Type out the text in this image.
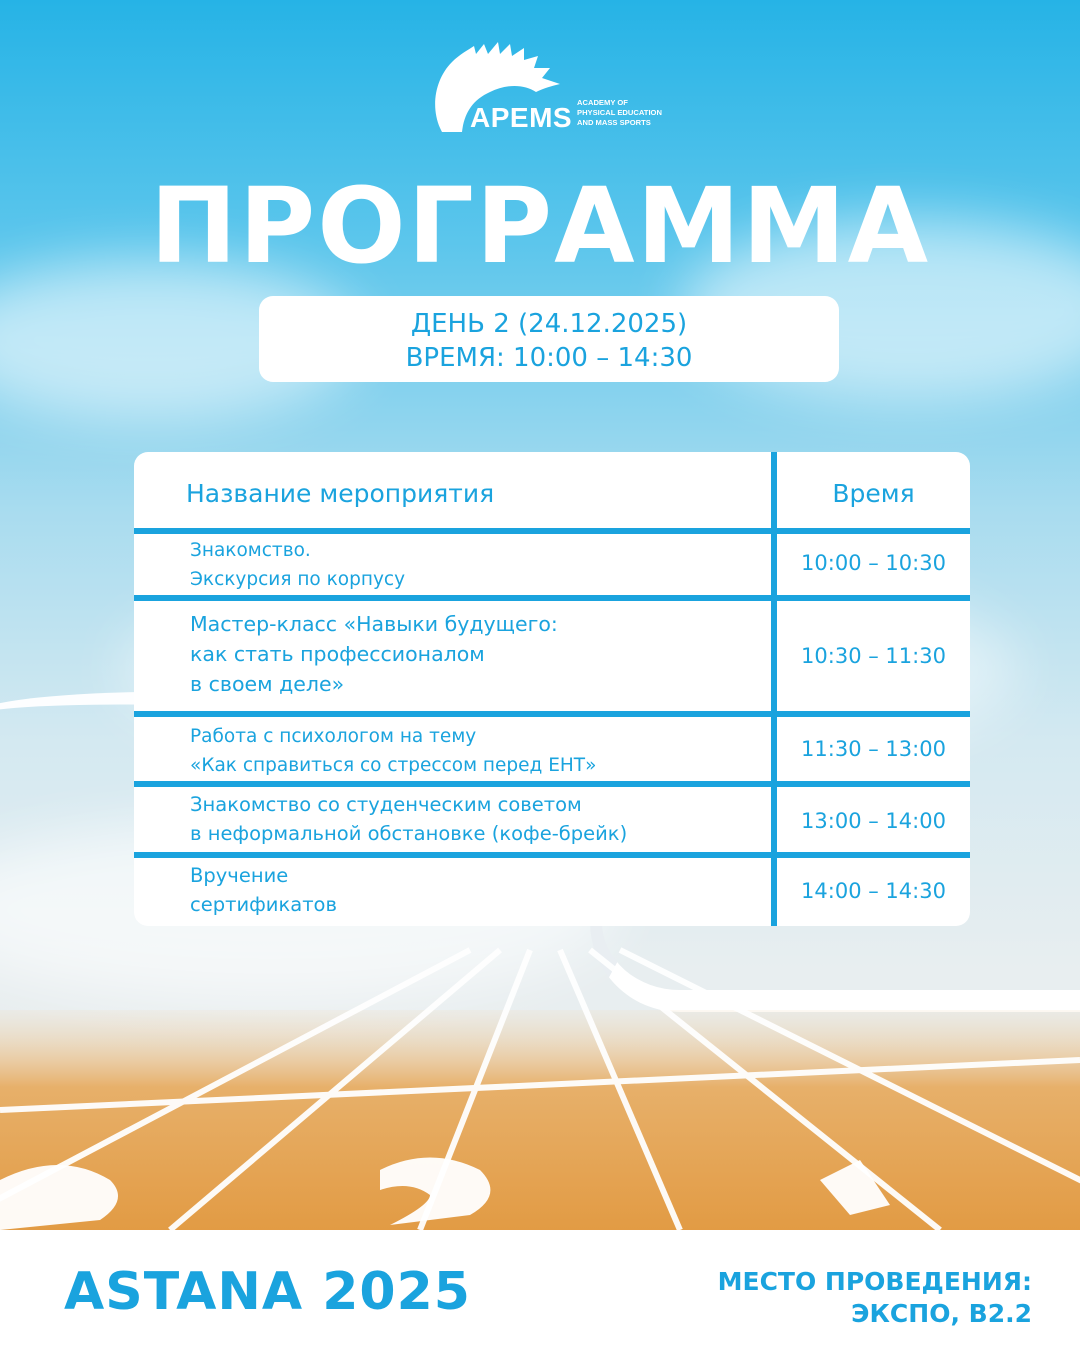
APEMS ACADEMY OF
PHYSICAL EDUCATION
AND MASS SPORTS
ПРОГРАММА
ДЕНЬ 2 (24.12.2025)
ВРЕМЯ: 10:00 – 14:30
Название мероприятия	Время
Знакомство.
Экскурсия по корпусу
10:00 – 10:30
Мастер-класс «Навыки будущего:
как стать профессионалом
в своем деле»
10:30 – 11:30
Работа с психологом на тему
«Как справиться со стрессом перед ЕНТ»
11:30 – 13:00
Знакомство со студенческим советом
в неформальной обстановке (кофе-брейк)
13:00 – 14:00
Вручение
сертификатов
14:00 – 14:30
ASTANA 2025	МЕСТО ПРОВЕДЕНИЯ:
ЭКСПО, B2.2
